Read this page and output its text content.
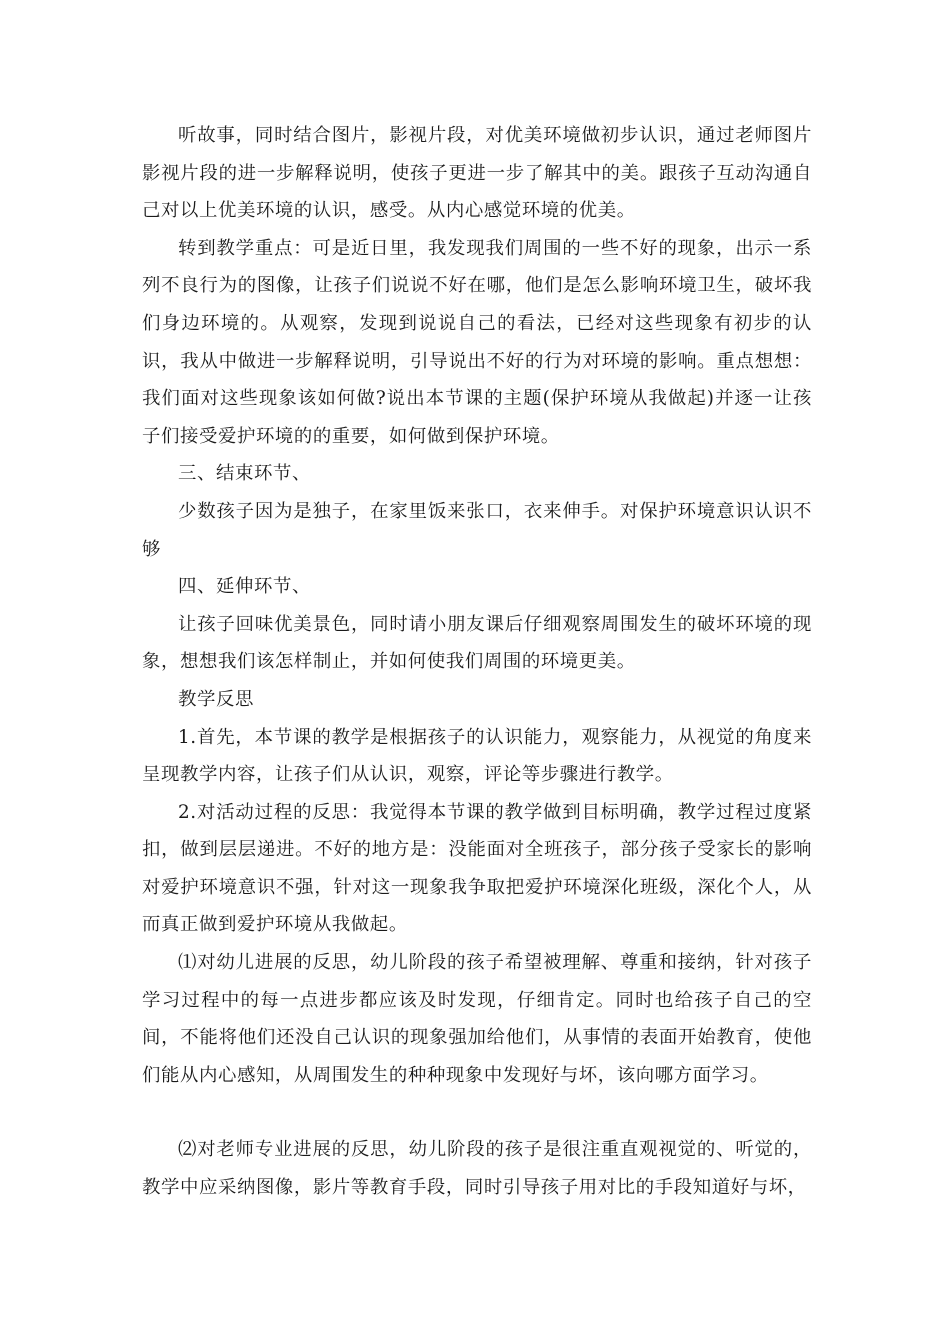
听故事，同时结合图片，影视片段，对优美环境做初步认识，通过老师图片影视片段的进一步解释说明，使孩子更进一步了解其中的美。跟孩子互动沟通自己对以上优美环境的认识，感受。从内心感觉环境的优美。

转到教学重点：可是近日里，我发现我们周围的一些不好的现象，出示一系列不良行为的图像，让孩子们说说不好在哪，他们是怎么影响环境卫生，破坏我们身边环境的。从观察，发现到说说自己的看法，已经对这些现象有初步的认识，我从中做进一步解释说明，引导说出不好的行为对环境的影响。重点想想：我们面对这些现象该如何做?说出本节课的主题(保护环境从我做起)并逐一让孩子们接受爱护环境的的重要，如何做到保护环境。

三、结束环节、

少数孩子因为是独子，在家里饭来张口，衣来伸手。对保护环境意识认识不够

四、延伸环节、

让孩子回味优美景色，同时请小朋友课后仔细观察周围发生的破坏环境的现象，想想我们该怎样制止，并如何使我们周围的环境更美。

教学反思

1.首先，本节课的教学是根据孩子的认识能力，观察能力，从视觉的角度来呈现教学内容，让孩子们从认识，观察，评论等步骤进行教学。

2.对活动过程的反思：我觉得本节课的教学做到目标明确，教学过程过度紧扣，做到层层递进。不好的地方是：没能面对全班孩子，部分孩子受家长的影响对爱护环境意识不强，针对这一现象我争取把爱护环境深化班级，深化个人，从而真正做到爱护环境从我做起。

⑴对幼儿进展的反思，幼儿阶段的孩子希望被理解、尊重和接纳，针对孩子学习过程中的每一点进步都应该及时发现，仔细肯定。同时也给孩子自己的空间，不能将他们还没自己认识的现象强加给他们，从事情的表面开始教育，使他们能从内心感知，从周围发生的种种现象中发现好与坏，该向哪方面学习。

⑵对老师专业进展的反思，幼儿阶段的孩子是很注重直观视觉的、听觉的，教学中应采纳图像，影片等教育手段，同时引导孩子用对比的手段知道好与坏，
